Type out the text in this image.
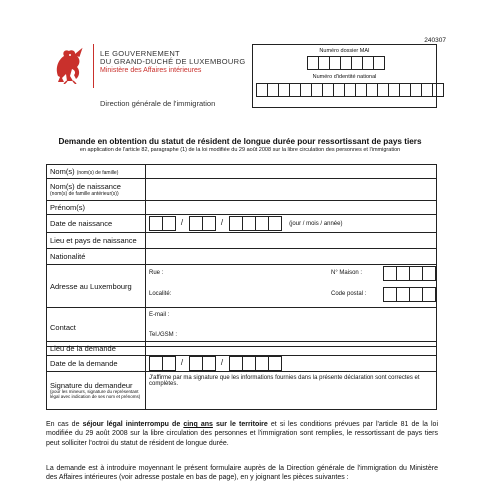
240307
LE GOUVERNEMENT
DU GRAND-DUCHÉ DE LUXEMBOURG
Ministère des Affaires intérieures
Direction générale de l'immigration
Numéro dossier MAI
Numéro d'identité national
Demande en obtention du statut de résident de longue durée pour ressortissant de pays tiers
en application de l'article 82, paragraphe (1) de la loi modifiée du 29 août 2008 sur la libre circulation des personnes et l'immigration
Nom(s) (nom(s) de famille)	

Nom(s) de naissance
(nom(s) de famille antérieur(s))	

Prénom(s)	
Date de naissance	/ / (jour / mois / année)
Lieu et pays de naissance	
Nationalité	
Adresse au Luxembourg	Rue : N° Maison :
Localité: Code postal :

Contact	E-mail :
Tel./GSM :
Lieu de la demande	
Date de la demande	/ /

Signature du demandeur
(pour les mineurs, signature du représentant légal avec indication de ses nom et prénoms)	J'affirme par ma signature que les informations fournies dans la présente déclaration sont correctes et complètes.
En cas de séjour légal ininterrompu de cinq ans sur le territoire et si les conditions prévues par l'article 81 de la loi modifiée du 29 août 2008 sur la libre circulation des personnes et l'immigration sont remplies, le ressortissant de pays tiers peut solliciter l'octroi du statut de résident de longue durée.
La demande est à introduire moyennant le présent formulaire auprès de la Direction générale de l'immigration du Ministère des Affaires intérieures (voir adresse postale en bas de page), en y joignant les pièces suivantes :
